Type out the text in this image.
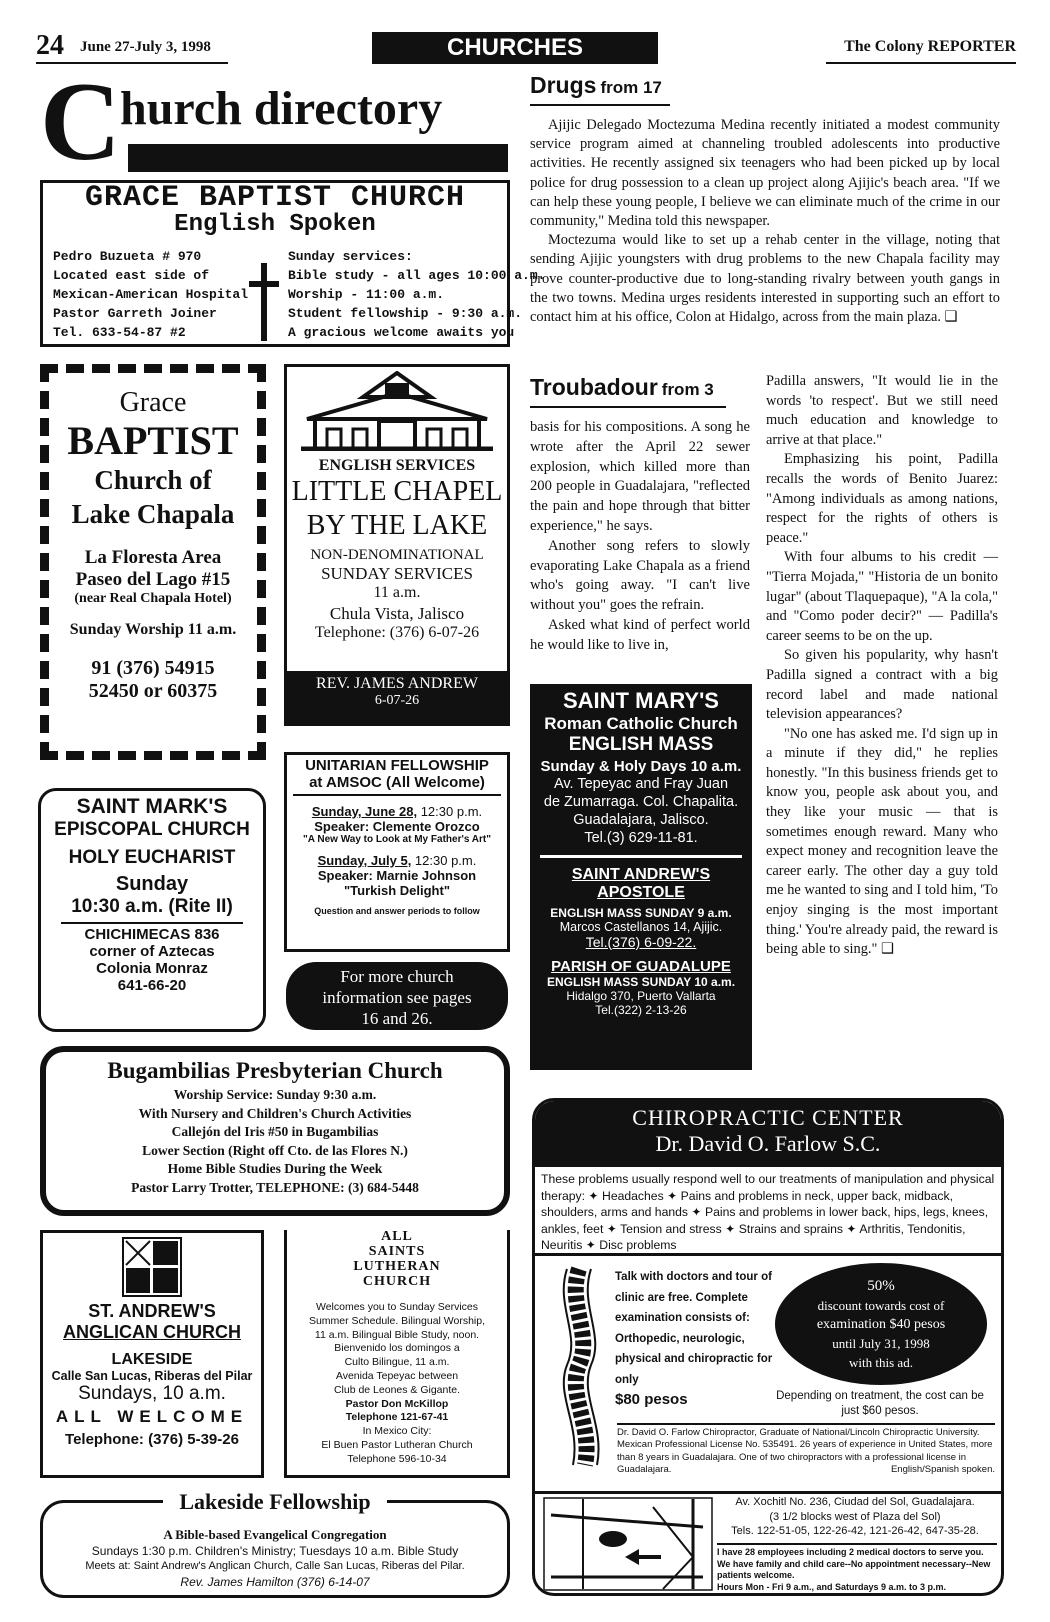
24 June 27-July 3, 1998	CHURCHES	The Colony REPORTER
C hurch directory
GRACE BAPTIST CHURCH
English Spoken
Pedro Buzueta # 970
Located east side of
Mexican-American Hospital
Pastor Garreth Joiner
Tel. 633-54-87 #2
Sunday services:
Bible study - all ages 10:00 a.m.
Worship - 11:00 a.m.
Student fellowship - 9:30 a.m.
A gracious welcome awaits you
Grace
BAPTIST
Church of
Lake Chapala
La Floresta Area
Paseo del Lago #15
(near Real Chapala Hotel)
Sunday Worship 11 a.m.
91 (376) 54915
52450 or 60375
ENGLISH SERVICES
LITTLE CHAPEL
BY THE LAKE
NON-DENOMINATIONAL
SUNDAY SERVICES
11 a.m.
Chula Vista, Jalisco
Telephone: (376) 6-07-26
REV. JAMES ANDREW
6-07-26
SAINT MARK'S
EPISCOPAL CHURCH
HOLY EUCHARIST
Sunday
10:30 a.m. (Rite II)
CHICHIMECAS 836
corner of Aztecas
Colonia Monraz
641-66-20
UNITARIAN FELLOWSHIP
at AMSOC (All Welcome)
Sunday, June 28, 12:30 p.m.
Speaker: Clemente Orozco
"A New Way to Look at My Father's Art"
Sunday, July 5, 12:30 p.m.
Speaker: Marnie Johnson
"Turkish Delight"
Question and answer periods to follow
For more church
information see pages
16 and 26.
Bugambilias Presbyterian Church
Worship Service: Sunday 9:30 a.m.
With Nursery and Children's Church Activities
Callejón del Iris #50 in Bugambilias
Lower Section (Right off Cto. de las Flores N.)
Home Bible Studies During the Week
Pastor Larry Trotter, TELEPHONE: (3) 684-5448
ST. ANDREW'S
ANGLICAN CHURCH
LAKESIDE
Calle San Lucas, Riberas del Pilar
Sundays, 10 a.m.
ALL WELCOME
Telephone: (376) 5-39-26
ALL
SAINTS
LUTHERAN
CHURCH
Welcomes you to Sunday Services
Summer Schedule. Bilingual Worship,
11 a.m. Bilingual Bible Study, noon.
Bienvenido los domingos a
Culto Bilingue, 11 a.m.
Avenida Tepeyac between
Club de Leones & Gigante.
Pastor Don McKillop
Telephone 121-67-41
In Mexico City:
El Buen Pastor Lutheran Church
Telephone 596-10-34
Lakeside Fellowship
A Bible-based Evangelical Congregation
Sundays 1:30 p.m. Children's Ministry; Tuesdays 10 a.m. Bible Study
Meets at: Saint Andrew's Anglican Church, Calle San Lucas, Riberas del Pilar.
Rev. James Hamilton (376) 6-14-07
Drugs from 17

Ajijic Delegado Moctezuma Medina recently initiated a modest community service program aimed at channeling troubled adolescents into productive activities. He recently assigned six teenagers who had been picked up by local police for drug possession to a clean up project along Ajijic's beach area. "If we can help these young people, I believe we can eliminate much of the crime in our community," Medina told this newspaper.

Moctezuma would like to set up a rehab center in the village, noting that sending Ajijic youngsters with drug problems to the new Chapala facility may prove counter-productive due to long-standing rivalry between youth gangs in the two towns. Medina urges residents interested in supporting such an effort to contact him at his office, Colon at Hidalgo, across from the main plaza. ❑

Troubadour from 3

basis for his compositions. A song he wrote after the April 22 sewer explosion, which killed more than 200 people in Guadalajara, "reflected the pain and hope through that bitter experience," he says.

Another song refers to slowly evaporating Lake Chapala as a friend who's going away. "I can't live without you" goes the refrain.

Asked what kind of perfect world he would like to live in,

Padilla answers, "It would lie in the words 'to respect'. But we still need much education and knowledge to arrive at that place."

Emphasizing his point, Padilla recalls the words of Benito Juarez: "Among individuals as among nations, respect for the rights of others is peace."

With four albums to his credit — "Tierra Mojada," "Historia de un bonito lugar" (about Tlaquepaque), "A la cola," and "Como poder decir?" — Padilla's career seems to be on the up.

So given his popularity, why hasn't Padilla signed a contract with a big record label and made national television appearances?

"No one has asked me. I'd sign up in a minute if they did," he replies honestly. "In this business friends get to know you, people ask about you, and they like your music — that is sometimes enough reward. Many who expect money and recognition leave the career early. The other day a guy told me he wanted to sing and I told him, 'To enjoy singing is the most important thing.' You're already paid, the reward is being able to sing." ❑

SAINT MARY'S
Roman Catholic Church
ENGLISH MASS
Sunday & Holy Days 10 a.m.
Av. Tepeyac and Fray Juan
de Zumarraga. Col. Chapalita.
Guadalajara, Jalisco.
Tel.(3) 629-11-81.
SAINT ANDREW'S
APOSTOLE
ENGLISH MASS SUNDAY 9 a.m.
Marcos Castellanos 14, Ajijic.
Tel.(376) 6-09-22.
PARISH OF GUADALUPE
ENGLISH MASS SUNDAY 10 a.m.
Hidalgo 370, Puerto Vallarta
Tel.(322) 2-13-26
CHIROPRACTIC CENTER
Dr. David O. Farlow S.C.
These problems usually respond well to our treatments of manipulation and physical therapy: ✦ Headaches ✦ Pains and problems in neck, upper back, midback, shoulders, arms and hands ✦ Pains and problems in lower back, hips, legs, knees, ankles, feet ✦ Tension and stress ✦ Strains and sprains ✦ Arthritis, Tendonitis, Neuritis ✦ Disc problems
Talk with doctors and tour of clinic are free. Complete examination consists of: Orthopedic, neurologic, physical and chiropractic for only
$80 pesos
50%
discount towards cost of
examination $40 pesos
until July 31, 1998
with this ad.
Depending on treatment, the cost can be just $60 pesos.
Dr. David O. Farlow Chiropractor, Graduate of National/Lincoln Chiropractic University. Mexican Professional License No. 535491. 26 years of experience in United States, more than 8 years in Guadalajara. One of two chiropractors with a professional license in Guadalajara.	English/Spanish spoken.
Av. Xochitl No. 236, Ciudad del Sol, Guadalajara.
(3 1/2 blocks west of Plaza del Sol)
Tels. 122-51-05, 122-26-42, 121-26-42, 647-35-28.
I have 28 employees including 2 medical doctors to serve you. We have family and child care--No appointment necessary--New patients welcome.
Hours Mon - Fri 9 a.m., and Saturdays 9 a.m. to 3 p.m.
